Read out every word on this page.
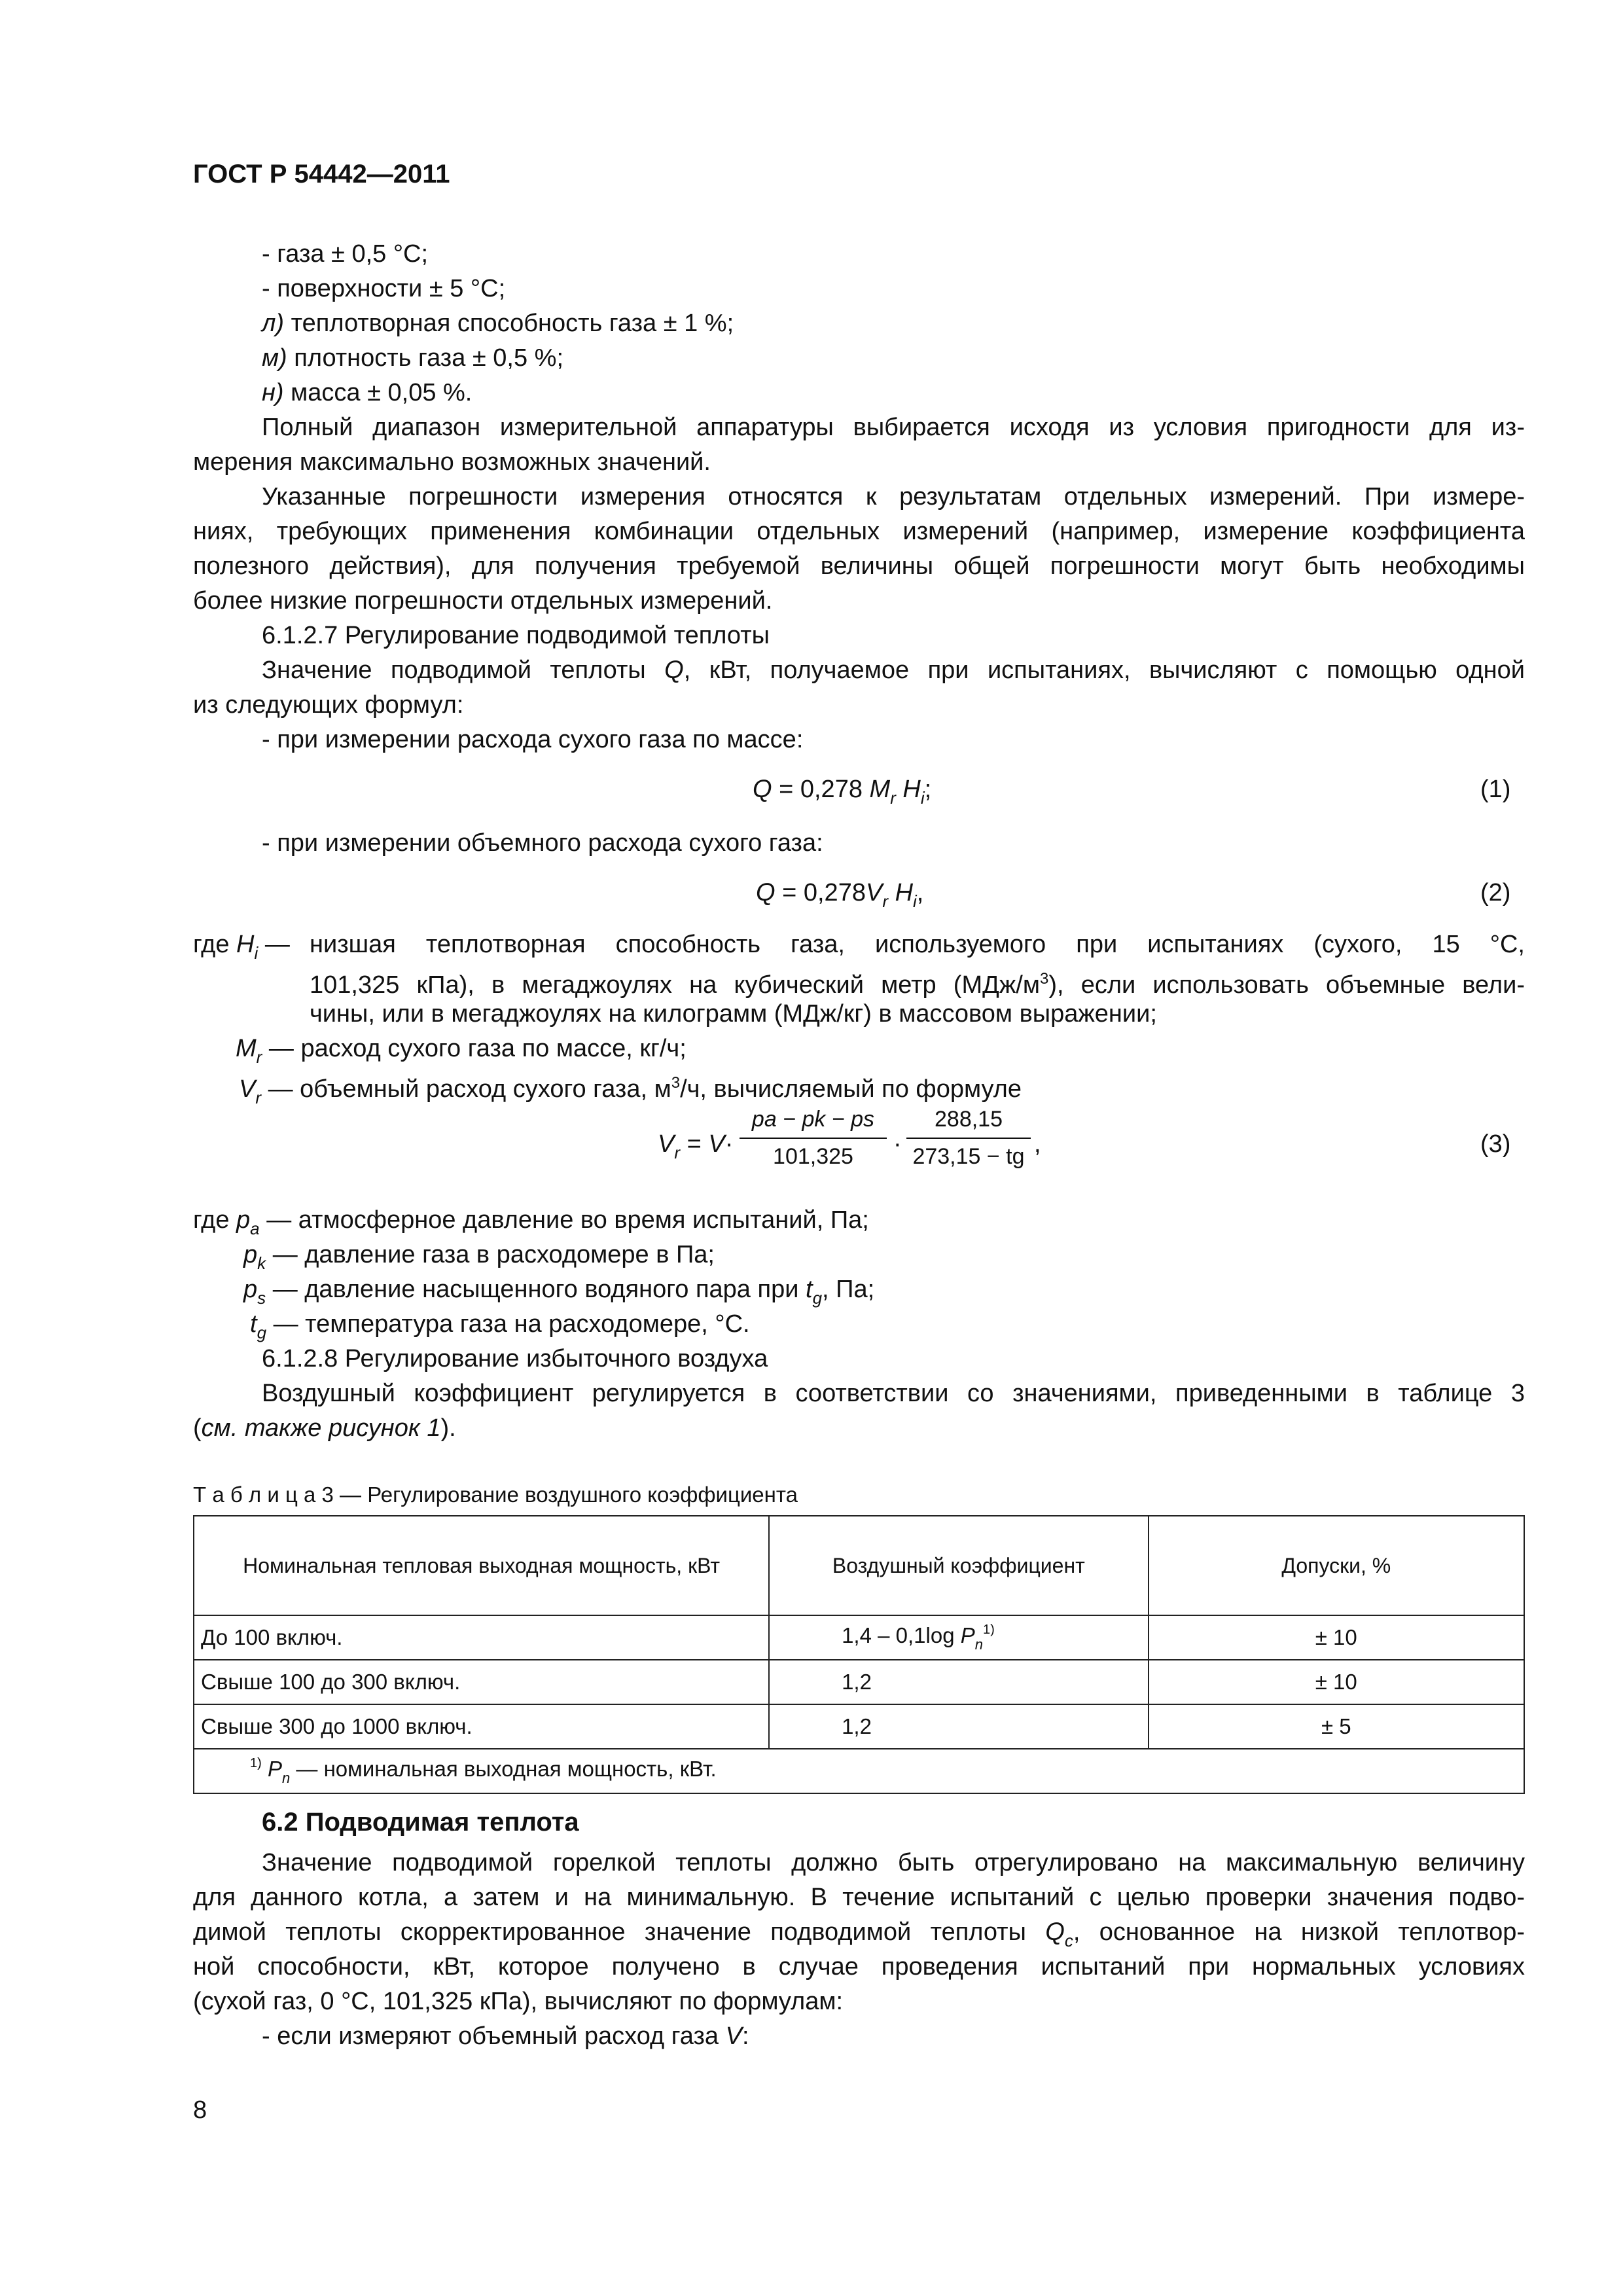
ГОСТ Р 54442—2011
- газа ± 0,5 °С;
- поверхности ± 5 °С;
л) теплотворная способность газа ± 1 %;
м) плотность газа ± 0,5 %;
н) масса ± 0,05 %.
Полный диапазон измерительной аппаратуры выбирается исходя из условия пригодности для из-
мерения максимально возможных значений.
Указанные погрешности измерения относятся к результатам отдельных измерений. При измере-
ниях, требующих применения комбинации отдельных измерений (например, измерение коэффициента
полезного действия), для получения требуемой величины общей погрешности могут быть необходимы
более низкие погрешности отдельных измерений.
6.1.2.7 Регулирование подводимой теплоты
Значение подводимой теплоты Q, кВт, получаемое при испытаниях, вычисляют с помощью одной
из следующих формул:
- при измерении расхода сухого газа по массе:
Q = 0,278 $M_r$ $H_i$;	(1)
- при измерении объемного расхода сухого газа:
$Q = 0,278V_r$ $H_i$,	(2)
где $H_i$ — низшая теплотворная способность газа, используемого при испытаниях (сухого, 15 °С,
101,325 кПа), в мегаджоулях на кубический метр $(МДж/м^3)$, если использовать объемные вели-
чины, или в мегаджоулях на килограмм (МДж/кг) в массовом выражении;
$M_r$ — расход сухого газа по массе, кг/ч;
$V_r$ — объемный расход сухого газа, $м^3/ч$, вычисляемый по формуле
$V_r = V\cdot$
pa − pk − ps
101,325	·
288,15
273,15 − tg ,	(3)
где $p_a$ — атмосферное давление во время испытаний, Па;
$p_k$ — давление газа в расходомере в Па;
$p_s$ — давление насыщенного водяного пара при $t_g$, Па;
$t_g$ — температура газа на расходомере, °С.
6.1.2.8 Регулирование избыточного воздуха
Воздушный коэффициент регулируется в соответствии со значениями, приведенными в таблице 3
(см. также рисунок 1).
Т а б л и ц а 3 — Регулирование воздушного коэффициента
Номинальная тепловая выходная мощность, кВт	Воздушный коэффициент	Допуски, %
До 100 включ.	1,4 – 0,1log $P_n^{1)}$	± 10
Свыше 100 до 300 включ.	1,2	± 10
Свыше 300 до 1000 включ.	1,2	± 5
$^{1)}$ $P_n$ — номинальная выходная мощность, кВт.		
6.2 Подводимая теплота
Значение подводимой горелкой теплоты должно быть отрегулировано на максимальную величину
для данного котла, а затем и на минимальную. В течение испытаний с целью проверки значения подво-
димой теплоты скорректированное значение подводимой теплоты $Q_c$, основанное на низкой теплотвор-
ной способности, кВт, которое получено в случае проведения испытаний при нормальных условиях
(сухой газ, 0 °С, 101,325 кПа), вычисляют по формулам:
- если измеряют объемный расход газа V:
8
